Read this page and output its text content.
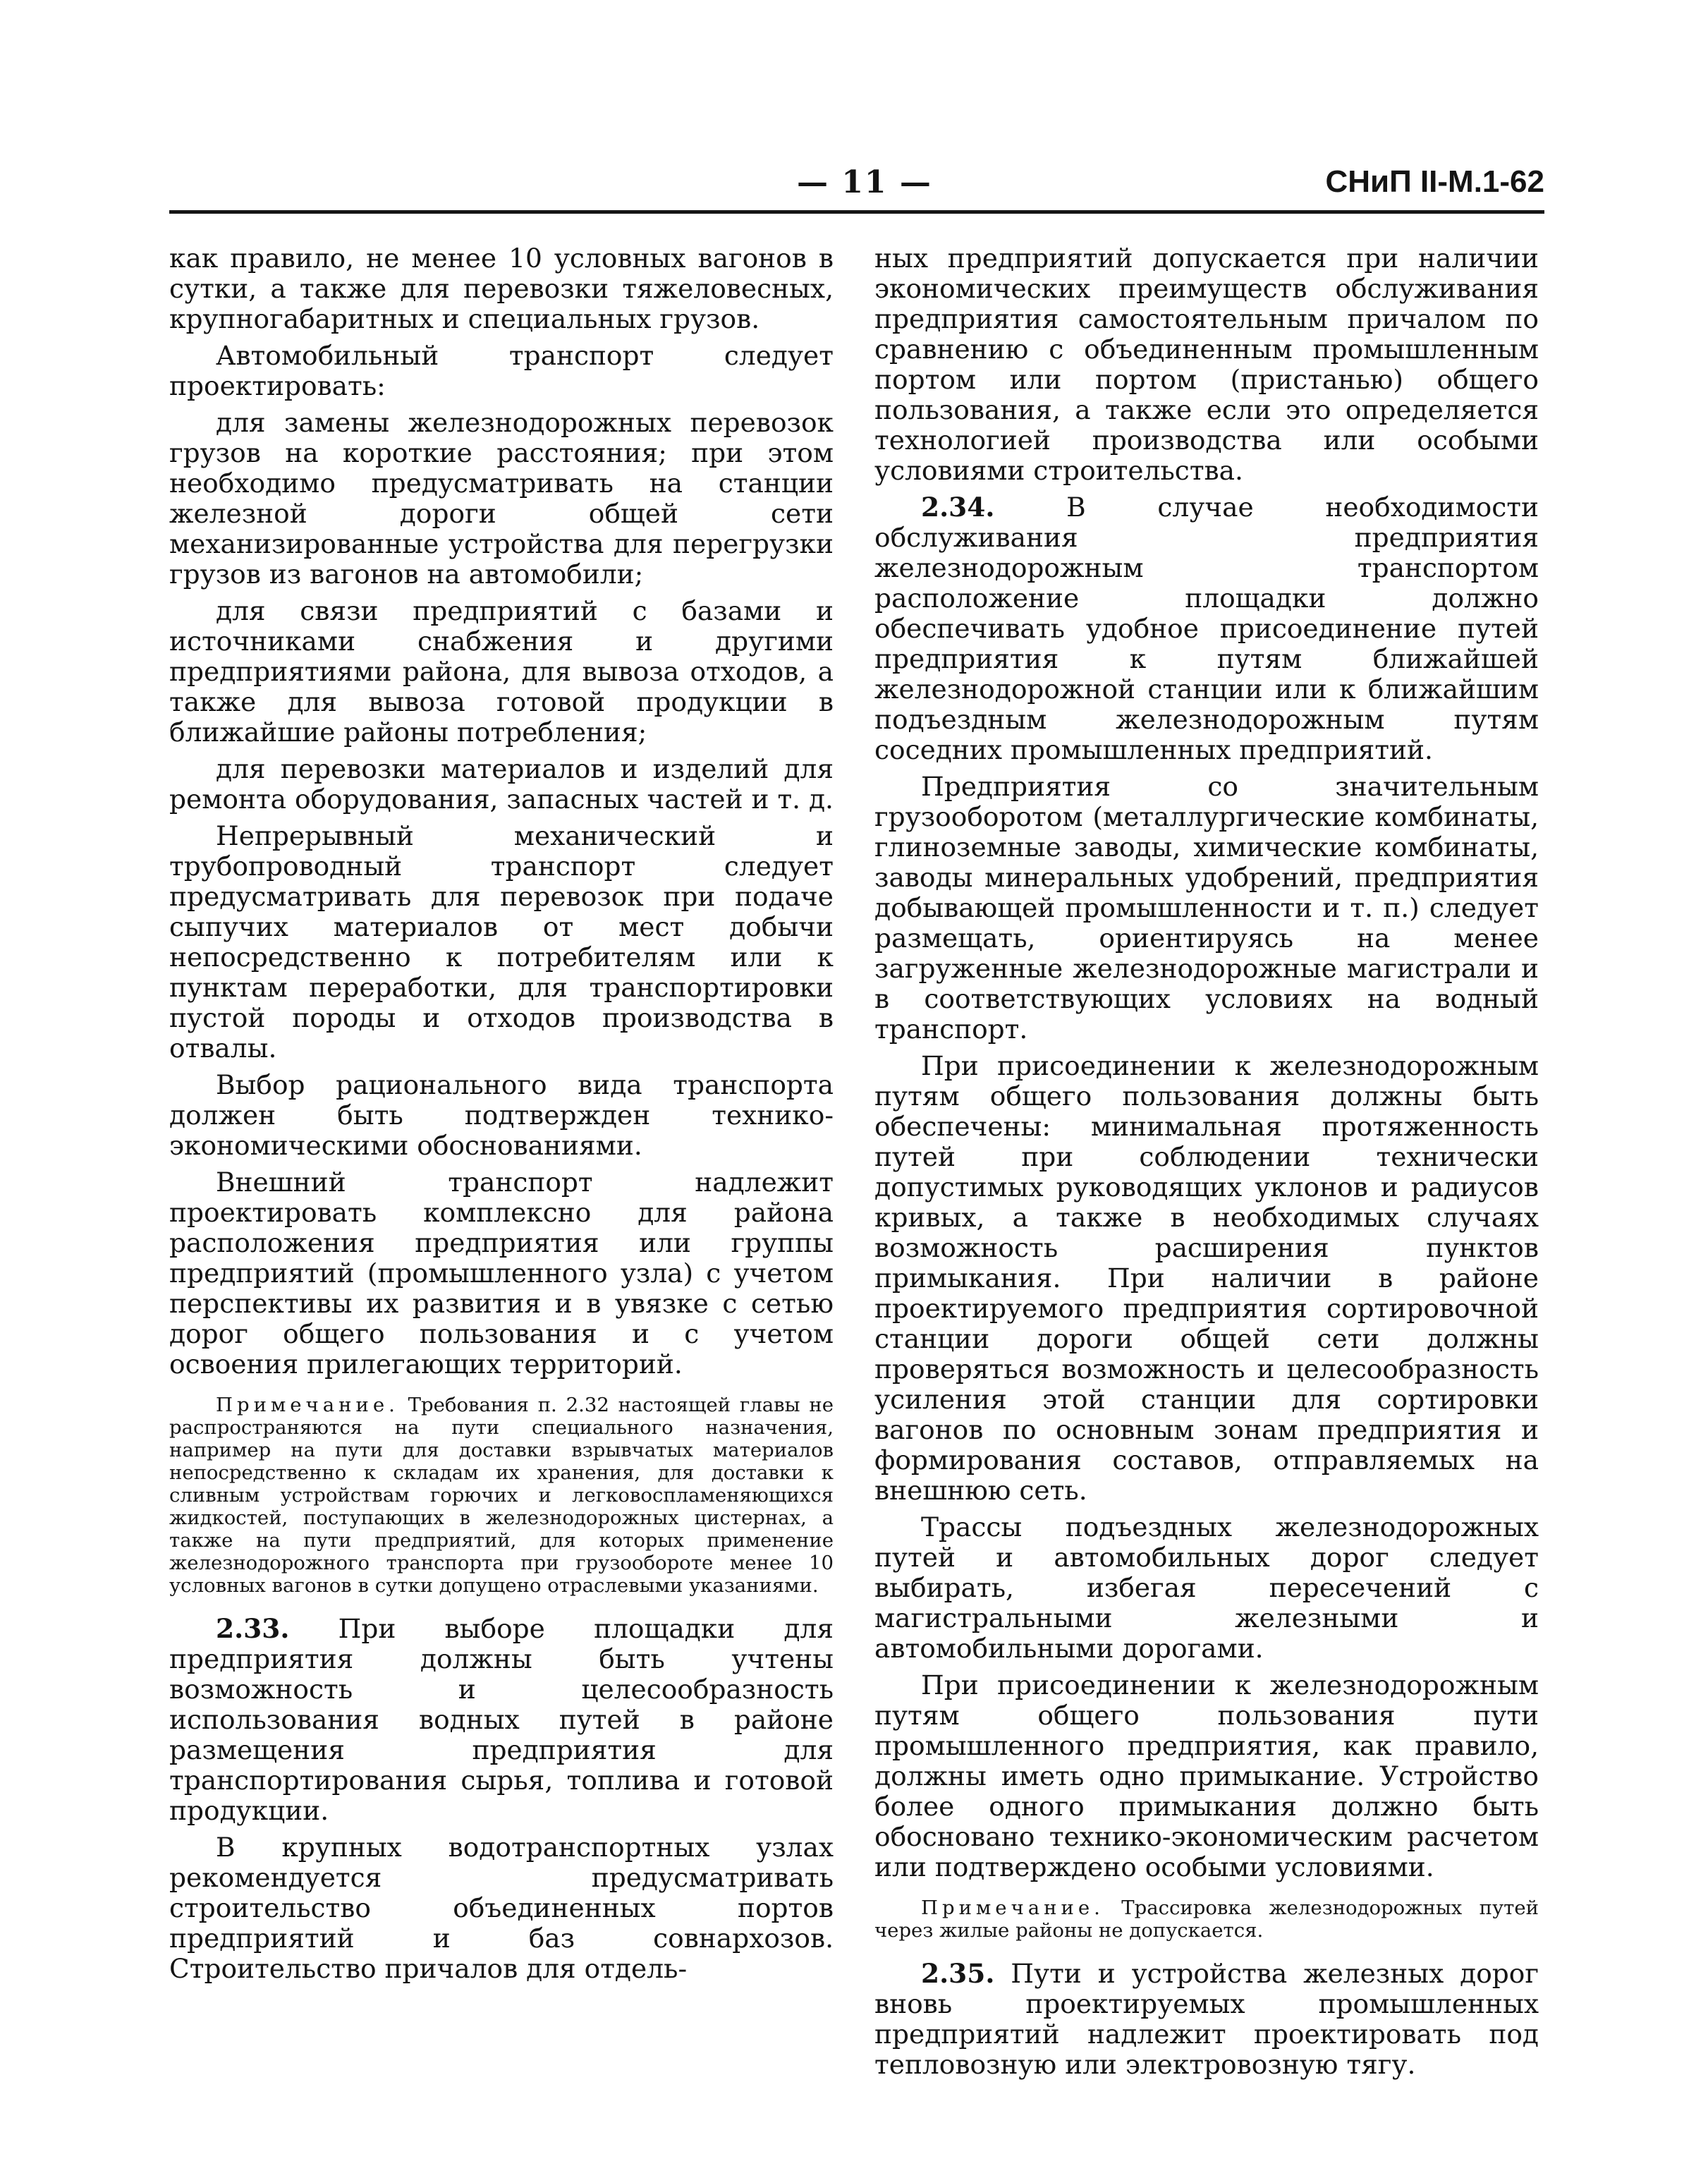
— 11 —	СНиП II-М.1-62

как правило, не менее 10 условных вагонов в сутки, а также для перевозки тяжеловесных, крупногабаритных и специальных грузов.

Автомобильный транспорт следует проектировать:

для замены железнодорожных перевозок грузов на короткие расстояния; при этом необходимо предусматривать на станции железной дороги общей сети механизированные устройства для перегрузки грузов из вагонов на автомобили;

для связи предприятий с базами и источниками снабжения и другими предприятиями района, для вывоза отходов, а также для вывоза готовой продукции в ближайшие районы потребления;

для перевозки материалов и изделий для ремонта оборудования, запасных частей и т. д.

Непрерывный механический и трубопроводный транспорт следует предусматривать для перевозок при подаче сыпучих материалов от мест добычи непосредственно к потребителям или к пунктам переработки, для транспортировки пустой породы и отходов производства в отвалы.

Выбор рационального вида транспорта должен быть подтвержден технико-экономическими обоснованиями.

Внешний транспорт надлежит проектировать комплексно для района расположения предприятия или группы предприятий (промышленного узла) с учетом перспективы их развития и в увязке с сетью дорог общего пользования и с учетом освоения прилегающих территорий.

Примечание. Требования п. 2.32 настоящей главы не распространяются на пути специального назначения, например на пути для доставки взрывчатых материалов непосредственно к складам их хранения, для доставки к сливным устройствам горючих и легковоспламеняющихся жидкостей, поступающих в железнодорожных цистернах, а также на пути предприятий, для которых применение железнодорожного транспорта при грузообороте менее 10 условных вагонов в сутки допущено отраслевыми указаниями.

2.33. При выборе площадки для предприятия должны быть учтены возможность и целесообразность использования водных путей в районе размещения предприятия для транспортирования сырья, топлива и готовой продукции.

В крупных водотранспортных узлах рекомендуется предусматривать строительство объединенных портов предприятий и баз совнархозов. Строительство причалов для отдель-

ных предприятий допускается при наличии экономических преимуществ обслуживания предприятия самостоятельным причалом по сравнению с объединенным промышленным портом или портом (пристанью) общего пользования, а также если это определяется технологией производства или особыми условиями строительства.

2.34.	В случае необходимости обслуживания предприятия железнодорожным транспортом расположение площадки должно обеспечивать удобное присоединение путей предприятия к путям ближайшей железнодорожной станции или к ближайшим подъездным железнодорожным путям соседних промышленных предприятий.

Предприятия со значительным грузооборотом (металлургические комбинаты, глиноземные заводы, химические комбинаты, заводы минеральных удобрений, предприятия добывающей промышленности и т. п.) следует размещать, ориентируясь на менее загруженные железнодорожные магистрали и в соответствующих условиях на водный транспорт.

При присоединении к железнодорожным путям общего пользования должны быть обеспечены: минимальная протяженность путей при соблюдении технически допустимых руководящих уклонов и радиусов кривых, а также в необходимых случаях возможность расширения пунктов примыкания. При наличии в районе проектируемого предприятия сортировочной станции дороги общей сети должны проверяться возможность и целесообразность усиления этой станции для сортировки вагонов по основным зонам предприятия и формирования составов, отправляемых на внешнюю сеть.

Трассы подъездных железнодорожных путей и автомобильных дорог следует выбирать, избегая пересечений с магистральными железными и автомобильными дорогами.

При присоединении к железнодорожным путям общего пользования пути промышленного предприятия, как правило, должны иметь одно примыкание. Устройство более одного примыкания должно быть обосновано технико-экономическим расчетом или подтверждено особыми условиями.

Примечание. Трассировка железнодорожных путей через жилые районы не допускается.

2.35. Пути и устройства железных дорог вновь проектируемых промышленных предприятий надлежит проектировать под тепловозную или электровозную тягу.
